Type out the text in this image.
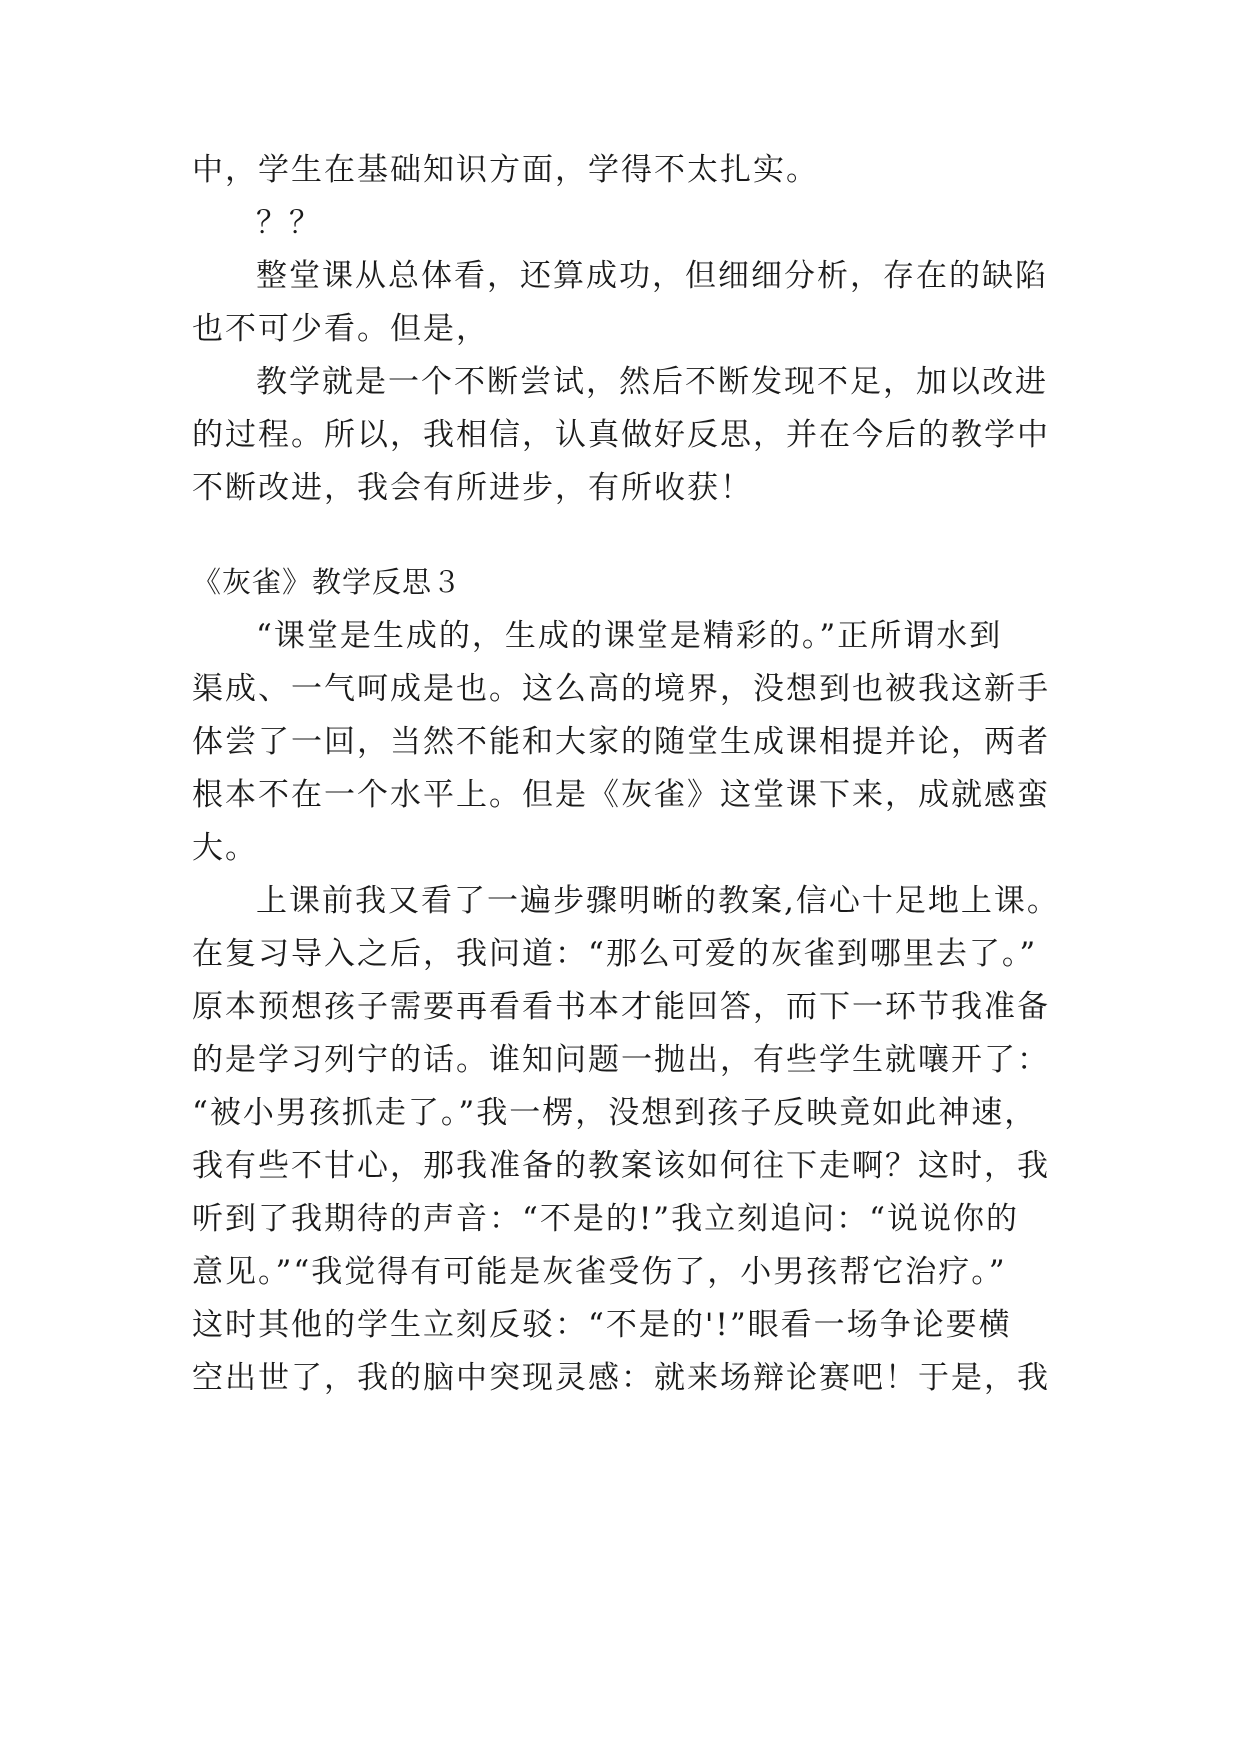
中，学生在基础知识方面，学得不太扎实。
？？
整堂课从总体看，还算成功，但细细分析，存在的缺陷
也不可少看。但是，
教学就是一个不断尝试，然后不断发现不足，加以改进
的过程。所以，我相信，认真做好反思，并在今后的教学中
不断改进，我会有所进步，有所收获！
《灰雀》教学反思３
“课堂是生成的，生成的课堂是精彩的。”正所谓水到
渠成、一气呵成是也。这么高的境界，没想到也被我这新手
体尝了一回，当然不能和大家的随堂生成课相提并论，两者
根本不在一个水平上。但是《灰雀》这堂课下来，成就感蛮
大。
上课前我又看了一遍步骤明晰的教案,信心十足地上课。
在复习导入之后，我问道：“那么可爱的灰雀到哪里去了。”
原本预想孩子需要再看看书本才能回答，而下一环节我准备
的是学习列宁的话。谁知问题一抛出，有些学生就嚷开了：
“被小男孩抓走了。”我一楞，没想到孩子反映竟如此神速，
我有些不甘心，那我准备的教案该如何往下走啊？这时，我
听到了我期待的声音：“不是的!”我立刻追问：“说说你的
意见。”“我觉得有可能是灰雀受伤了，小男孩帮它治疗。”
这时其他的学生立刻反驳：“不是的'!”眼看一场争论要横
空出世了，我的脑中突现灵感：就来场辩论赛吧！于是，我
